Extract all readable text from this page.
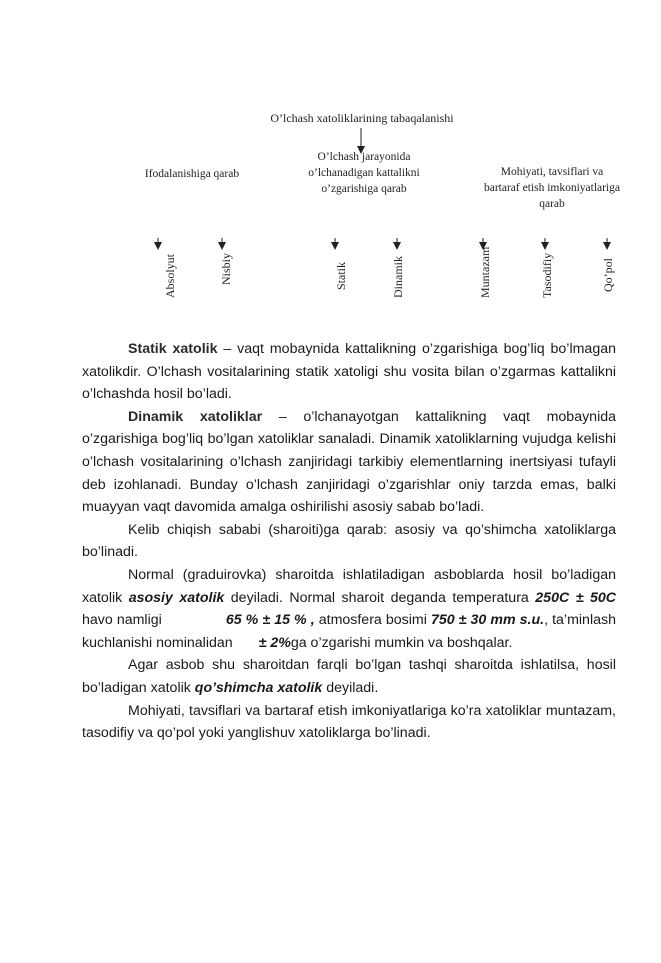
O’lchash xatoliklarining tabaqalanishi
Ifodalanishiga qarab
O’lchash jarayonida
o’lchanadigan kattalikni
o’zgarishiga qarab
Mohiyati, tavsiflari va
bartaraf etish imkoniyatlariga
qarab
Absolyut	Nisbiy	Statik	Dinamik	Muntazam	Tasodifiy	Qo’pol

Statik xatolik – vaqt mobaynida kattalikning o’zgarishiga bog’liq bo’lmagan xatolikdir. O’lchash vositalarining statik xatoligi shu vosita bilan o’zgarmas kattalikni o’lchashda hosil bo’ladi.

Dinamik xatoliklar – o’lchanayotgan kattalikning vaqt mobaynida o’zgarishiga bog’liq bo’lgan xatoliklar sanaladi. Dinamik xatoliklarning vujudga kelishi o’lchash vositalarining o’lchash zanjiridagi tarkibiy elementlarning inertsiyasi tufayli deb izohlanadi. Bunday o’lchash zanjiridagi o’zgarishlar oniy tarzda emas, balki muayyan vaqt davomida amalga oshirilishi asosiy sabab bo’ladi.

Kelib chiqish sababi (sharoiti)ga qarab: asosiy va qo’shimcha xatoliklarga bo’linadi.

Normal (graduirovka) sharoitda ishlatiladigan asboblarda hosil bo’ladigan xatolik asosiy xatolik deyiladi. Normal sharoit deganda temperatura 250C ± 50C havo namligi	65 % ± 15 % , atmosfera bosimi 750 ± 30 mm s.u., ta’minlash kuchlanishi nominalidan ± 2%ga o’zgarishi mumkin va boshqalar.

Agar asbob shu sharoitdan farqli bo’lgan tashqi sharoitda ishlatilsa, hosil bo’ladigan xatolik qo’shimcha xatolik deyiladi.

Mohiyati, tavsiflari va bartaraf etish imkoniyatlariga ko’ra xatoliklar muntazam, tasodifiy va qo’pol yoki yanglishuv xatoliklarga bo’linadi.
